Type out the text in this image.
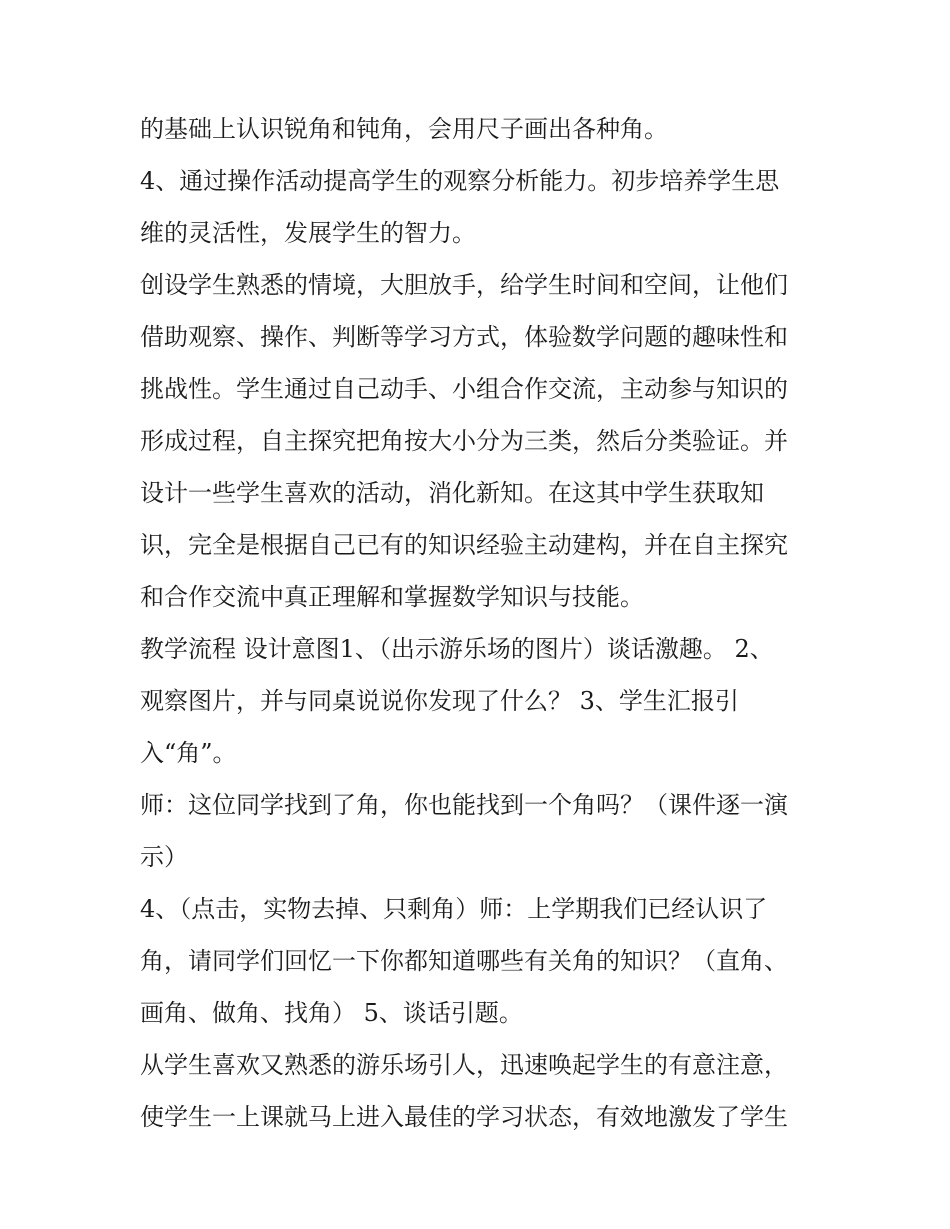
的基础上认识锐角和钝角，会用尺子画出各种角。
4、通过操作活动提高学生的观察分析能力。初步培养学生思
维的灵活性，发展学生的智力。
创设学生熟悉的情境，大胆放手，给学生时间和空间，让他们
借助观察、操作、判断等学习方式，体验数学问题的趣味性和
挑战性。学生通过自己动手、小组合作交流，主动参与知识的
形成过程，自主探究把角按大小分为三类，然后分类验证。并
设计一些学生喜欢的活动，消化新知。在这其中学生获取知
识，完全是根据自己已有的知识经验主动建构，并在自主探究
和合作交流中真正理解和掌握数学知识与技能。
教学流程 设计意图1、（出示游乐场的图片）谈话激趣。 2、
观察图片，并与同桌说说你发现了什么？ 3、学生汇报引
入“角”。
师：这位同学找到了角，你也能找到一个角吗？（课件逐一演
示）
4、（点击，实物去掉、只剩角）师：上学期我们已经认识了
角，请同学们回忆一下你都知道哪些有关角的知识？（直角、
画角、做角、找角） 5、谈话引题。
从学生喜欢又熟悉的游乐场引人，迅速唤起学生的有意注意，
使学生一上课就马上进入最佳的学习状态，有效地激发了学生
